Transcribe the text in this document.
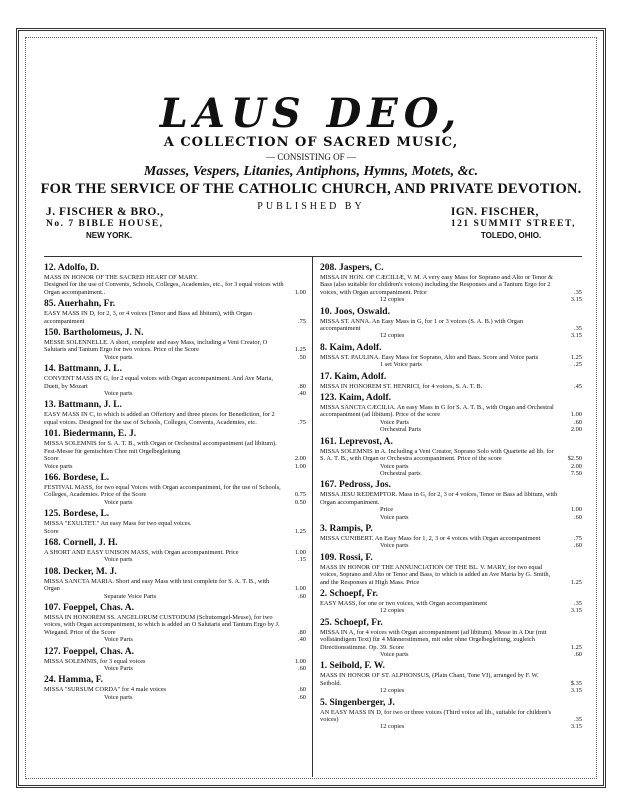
LAUS DEO,
A COLLECTION OF SACRED MUSIC,
— CONSISTING OF —
Masses, Vespers, Litanies, Antiphons, Hymns, Motets, &c.
FOR THE SERVICE OF THE CATHOLIC CHURCH, AND PRIVATE DEVOTION.
PUBLISHED BY
J. FISCHER & BRO.,
No. 7 BIBLE HOUSE,
NEW YORK.
IGN. FISCHER,
121 SUMMIT STREET,
TOLEDO, OHIO.
12. Adolfo, D.
MASS IN HONOR OF THE SACRED HEART OF MARY.
Designed for the use of Convents, Schools, Colleges, Academies, etc., for 3 equal voices with Organ accompaniment..	1.00
85. Auerhahn, Fr.
EASY MASS IN D, for 2, 3, or 4 voices (Tenor and Bass ad libitum), with Organ accompaniment	.75
150. Bartholomeus, J. N.
MESSE SOLENNELLE. A short, complete and easy Mass, including a Veni Creator, O Salutaris and Tantum Ergo for two voices. Price of the Score	1.25
Voice parts	.50
14. Battmann, J. L.
CONVENT MASS IN G, for 2 equal voices with Organ accompaniment. And Ave Maria, Duett, by Mozart	.80
Voice parts	.40
13. Battmann, J. L.
EASY MASS IN C, to which is added an Offertory and three pieces for Benediction, for 2 equal voices. Designed for the use of Schools, Colleges, Convents, Academies, etc.	.75
101. Biedermann, E. J.
MISSA SOLEMNIS for S. A. T. B., with Organ or Orchestral accompaniment (ad libitum). Fest-Messe für gemischten Chor mit Orgelbegleitung
Score	2.00
Voice parts	1.00
166. Bordese, L.
FESTIVAL MASS, for two equal Voices with Organ accompaniment, for the use of Schools, Colleges, Academies. Price of the Score	0.75
Voice parts	0.50
125. Bordese, L.
MISSA "EXULTET." An easy Mass for two equal voices.
Score	1.25
168. Cornell, J. H.
A SHORT AND EASY UNISON MASS, with Organ accompaniment. Price	1.00
Voice parts	.15
108. Decker, M. J.
MISSA SANCTA MARIA. Short and easy Mass with text complete for S. A. T. B., with Organ	1.00
Separate Voice Parts	.60
107. Foeppel, Chas. A.
MISSA IN HONOREM SS. ANGELORUM CUSTODUM (Schutzengel-Messe), for two voices, with Organ accompaniment, to which is added an O Salutaris and Tantum Ergo by J. Wiegand. Price of the Score	.80
Voice Parts	.40
127. Foeppel, Chas. A.
MISSA SOLEMNIS, for 3 equal voices	1.00
Voice Parts	.60
24. Hamma, F.
MISSA "SURSUM CORDA" for 4 male voices	.60
Voice parts	.60
208. Jaspers, C.
MISSA IN HON. OF CÆCILIÆ, V. M. A very easy Mass for Soprano and Alto or Tenor & Bass (also suitable for children's voices) including the Responses and a Tantum Ergo for 2 voices, with Organ accompaniment. Price	.35
12 copies	3.15
10. Joos, Oswald.
MISSA ST. ANNA. An Easy Mass in G, for 1 or 3 voices (S. A. B.) with Organ accompaniment	.35
12 copies	3.15
8. Kaim, Adolf.
MISSA ST. PAULINA. Easy Mass for Soprano, Alto and Bass. Score and Voice parts	1.25
1 set Voice parts	.25
17. Kaim, Adolf.
MISSA IN HONOREM ST. HENRICI, for 4 voices, S. A. T. B.	.45
123. Kaim, Adolf.
MISSA SANCTA CÆCILIA. An easy Mass in G for S. A. T. B., with Organ and Orchestral accompaniment (ad libitum). Price of the score	1.00
Voice Parts	.60
Orchestral Parts	2.00
161. Leprevost, A.
MISSA SOLEMNIS in A. Including a Veni Creator, Soprano Solo with Quartette ad lib. for S. A. T. B., with Organ or Orchestra accompaniment. Price of the score	$2.50
Voice parts	2.00
Orchestral parts	7.50
167. Pedross, Jos.
MISSA JESU REDEMPTOR. Mass in G, for 2, 3 or 4 voices, Tenor or Bass ad libitum, with Organ accompaniment.
Price	1.00
Voice parts	.60
3. Rampis, P.
MISSA CUNIBERT. An Easy Mass for 1, 2, 3 or 4 voices with Organ accompaniment	.75
Voice parts	.60
109. Rossi, F.
MASS IN HONOR OF THE ANNUNCIATION OF THE BL. V. MARY, for two equal voices, Soprano and Alto or Tenor and Bass, to which is added an Ave Maria by G. Smith, and the Responses at High Mass. Price	1.25
2. Schoepf, Fr.
EASY MASS, for one or two voices, with Organ accompaniment	.35
12 copies	3.15
25. Schoepf, Fr.
MISSA IN A, for 4 voices with Organ accompaniment (ad libitum). Messe in A Dur (mit vollständigem Text) für 4 Männerstimmen, mit oder ohne Orgelbegleitung, zugleich Directionsstimme. Op. 39. Score	1.25
Voice parts	.60
1. Seibold, F. W.
MASS IN HONOR OF ST. ALPHONSUS, (Plain Chant, Tone VI), arranged by F. W. Seibold.	$.35
12 copies	3.15
5. Singenberger, J.
AN EASY MASS IN D, for two or three voices (Third voice ad lib., suitable for children's voices)	.35
12 copies	3.15
